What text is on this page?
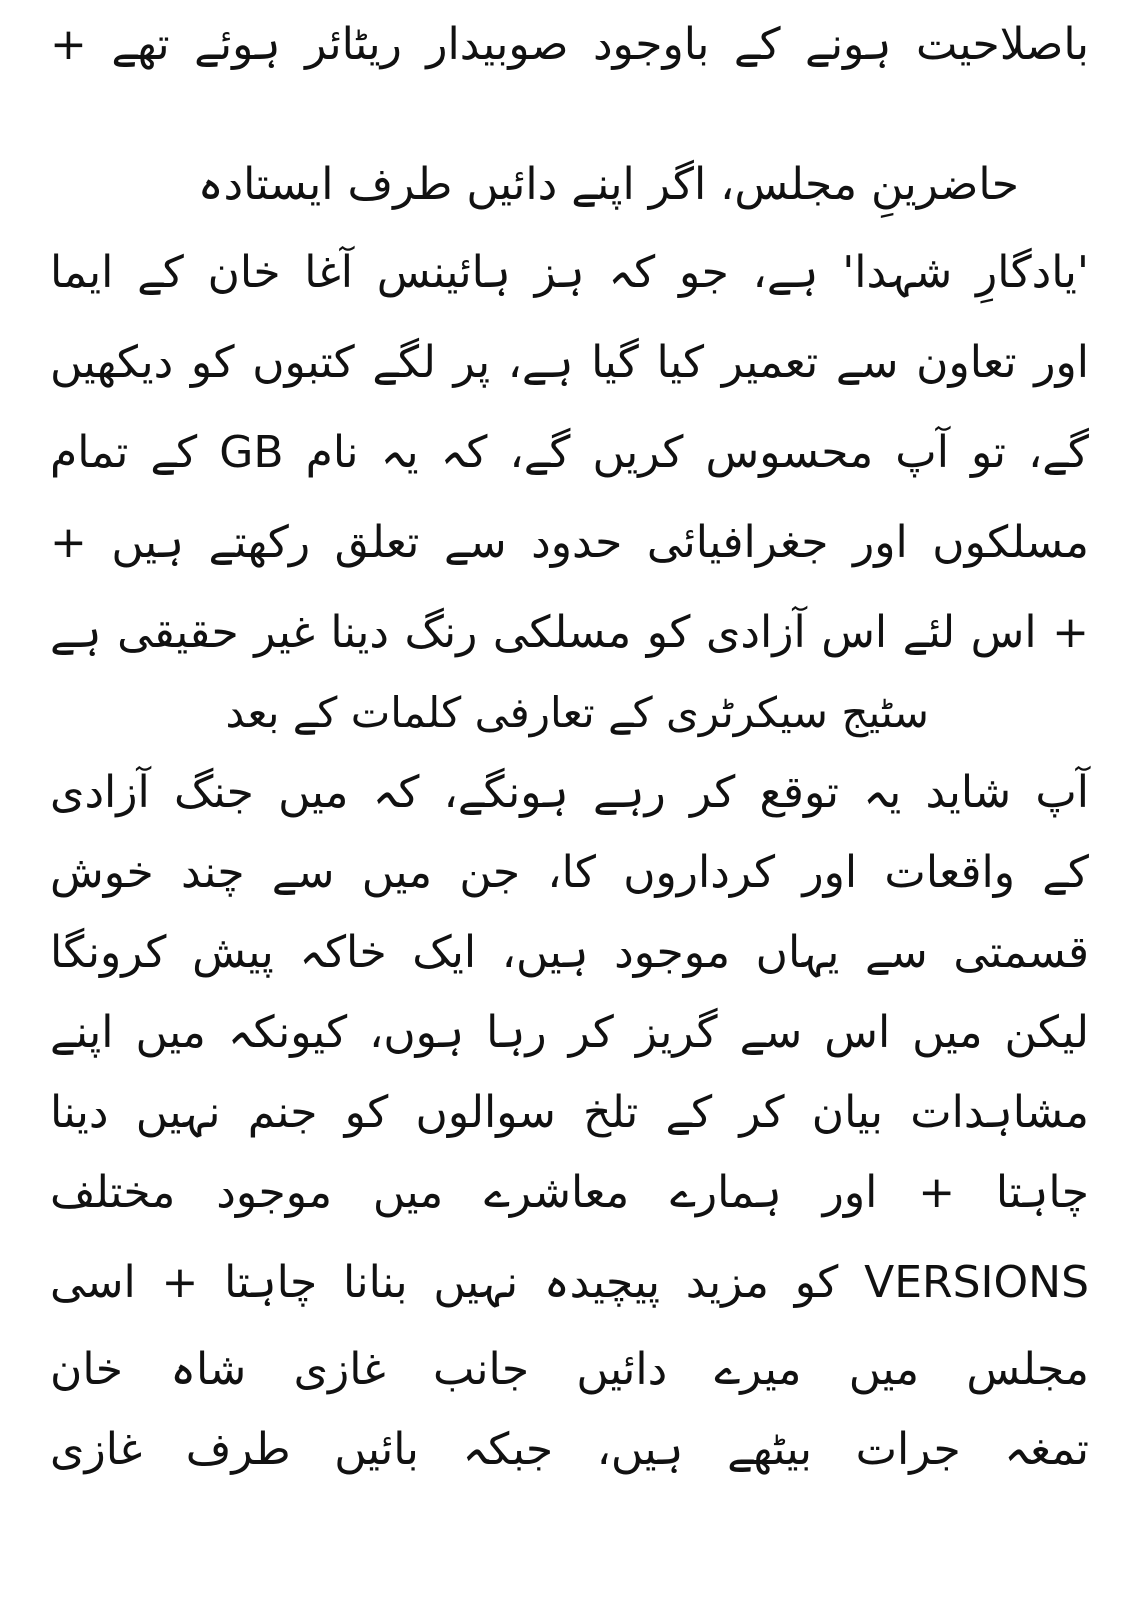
باصلاحیت ہونے کے باوجود صوبیدار ریٹائر ہوئے تھے +
حاضرینِ مجلس، اگر اپنے دائیں طرف ایستادہ
'یادگارِ شہدا' ہے، جو کہ ہز ہائینس آغا خان کے ایما
اور تعاون سے تعمیر کیا گیا ہے، پر لگے کتبوں کو دیکھیں
گے، تو آپ محسوس کریں گے، کہ یہ نام GB کے تمام
مسلکوں اور جغرافیائی حدود سے تعلق رکھتے ہیں +
+ اس لئے اس آزادی کو مسلکی رنگ دینا غیر حقیقی ہے
سٹیج سیکرٹری کے تعارفی کلمات کے بعد
آپ شاید یہ توقع کر رہے ہونگے، کہ میں جنگ آزادی
کے واقعات اور کرداروں کا، جن میں سے چند خوش
قسمتی سے یہاں موجود ہیں، ایک خاکہ پیش کرونگا
لیکن میں اس سے گریز کر رہا ہوں، کیونکہ میں اپنے
مشاہدات بیان کر کے تلخ سوالوں کو جنم نہیں دینا
چاہتا + اور ہمارے معاشرے میں موجود مختلف
VERSIONS کو مزید پیچیدہ نہیں بنانا چاہتا + اسی
مجلس میں میرے دائیں جانب غازی شاہ خان
تمغہ جرات بیٹھے ہیں، جبکہ بائیں طرف غازی
